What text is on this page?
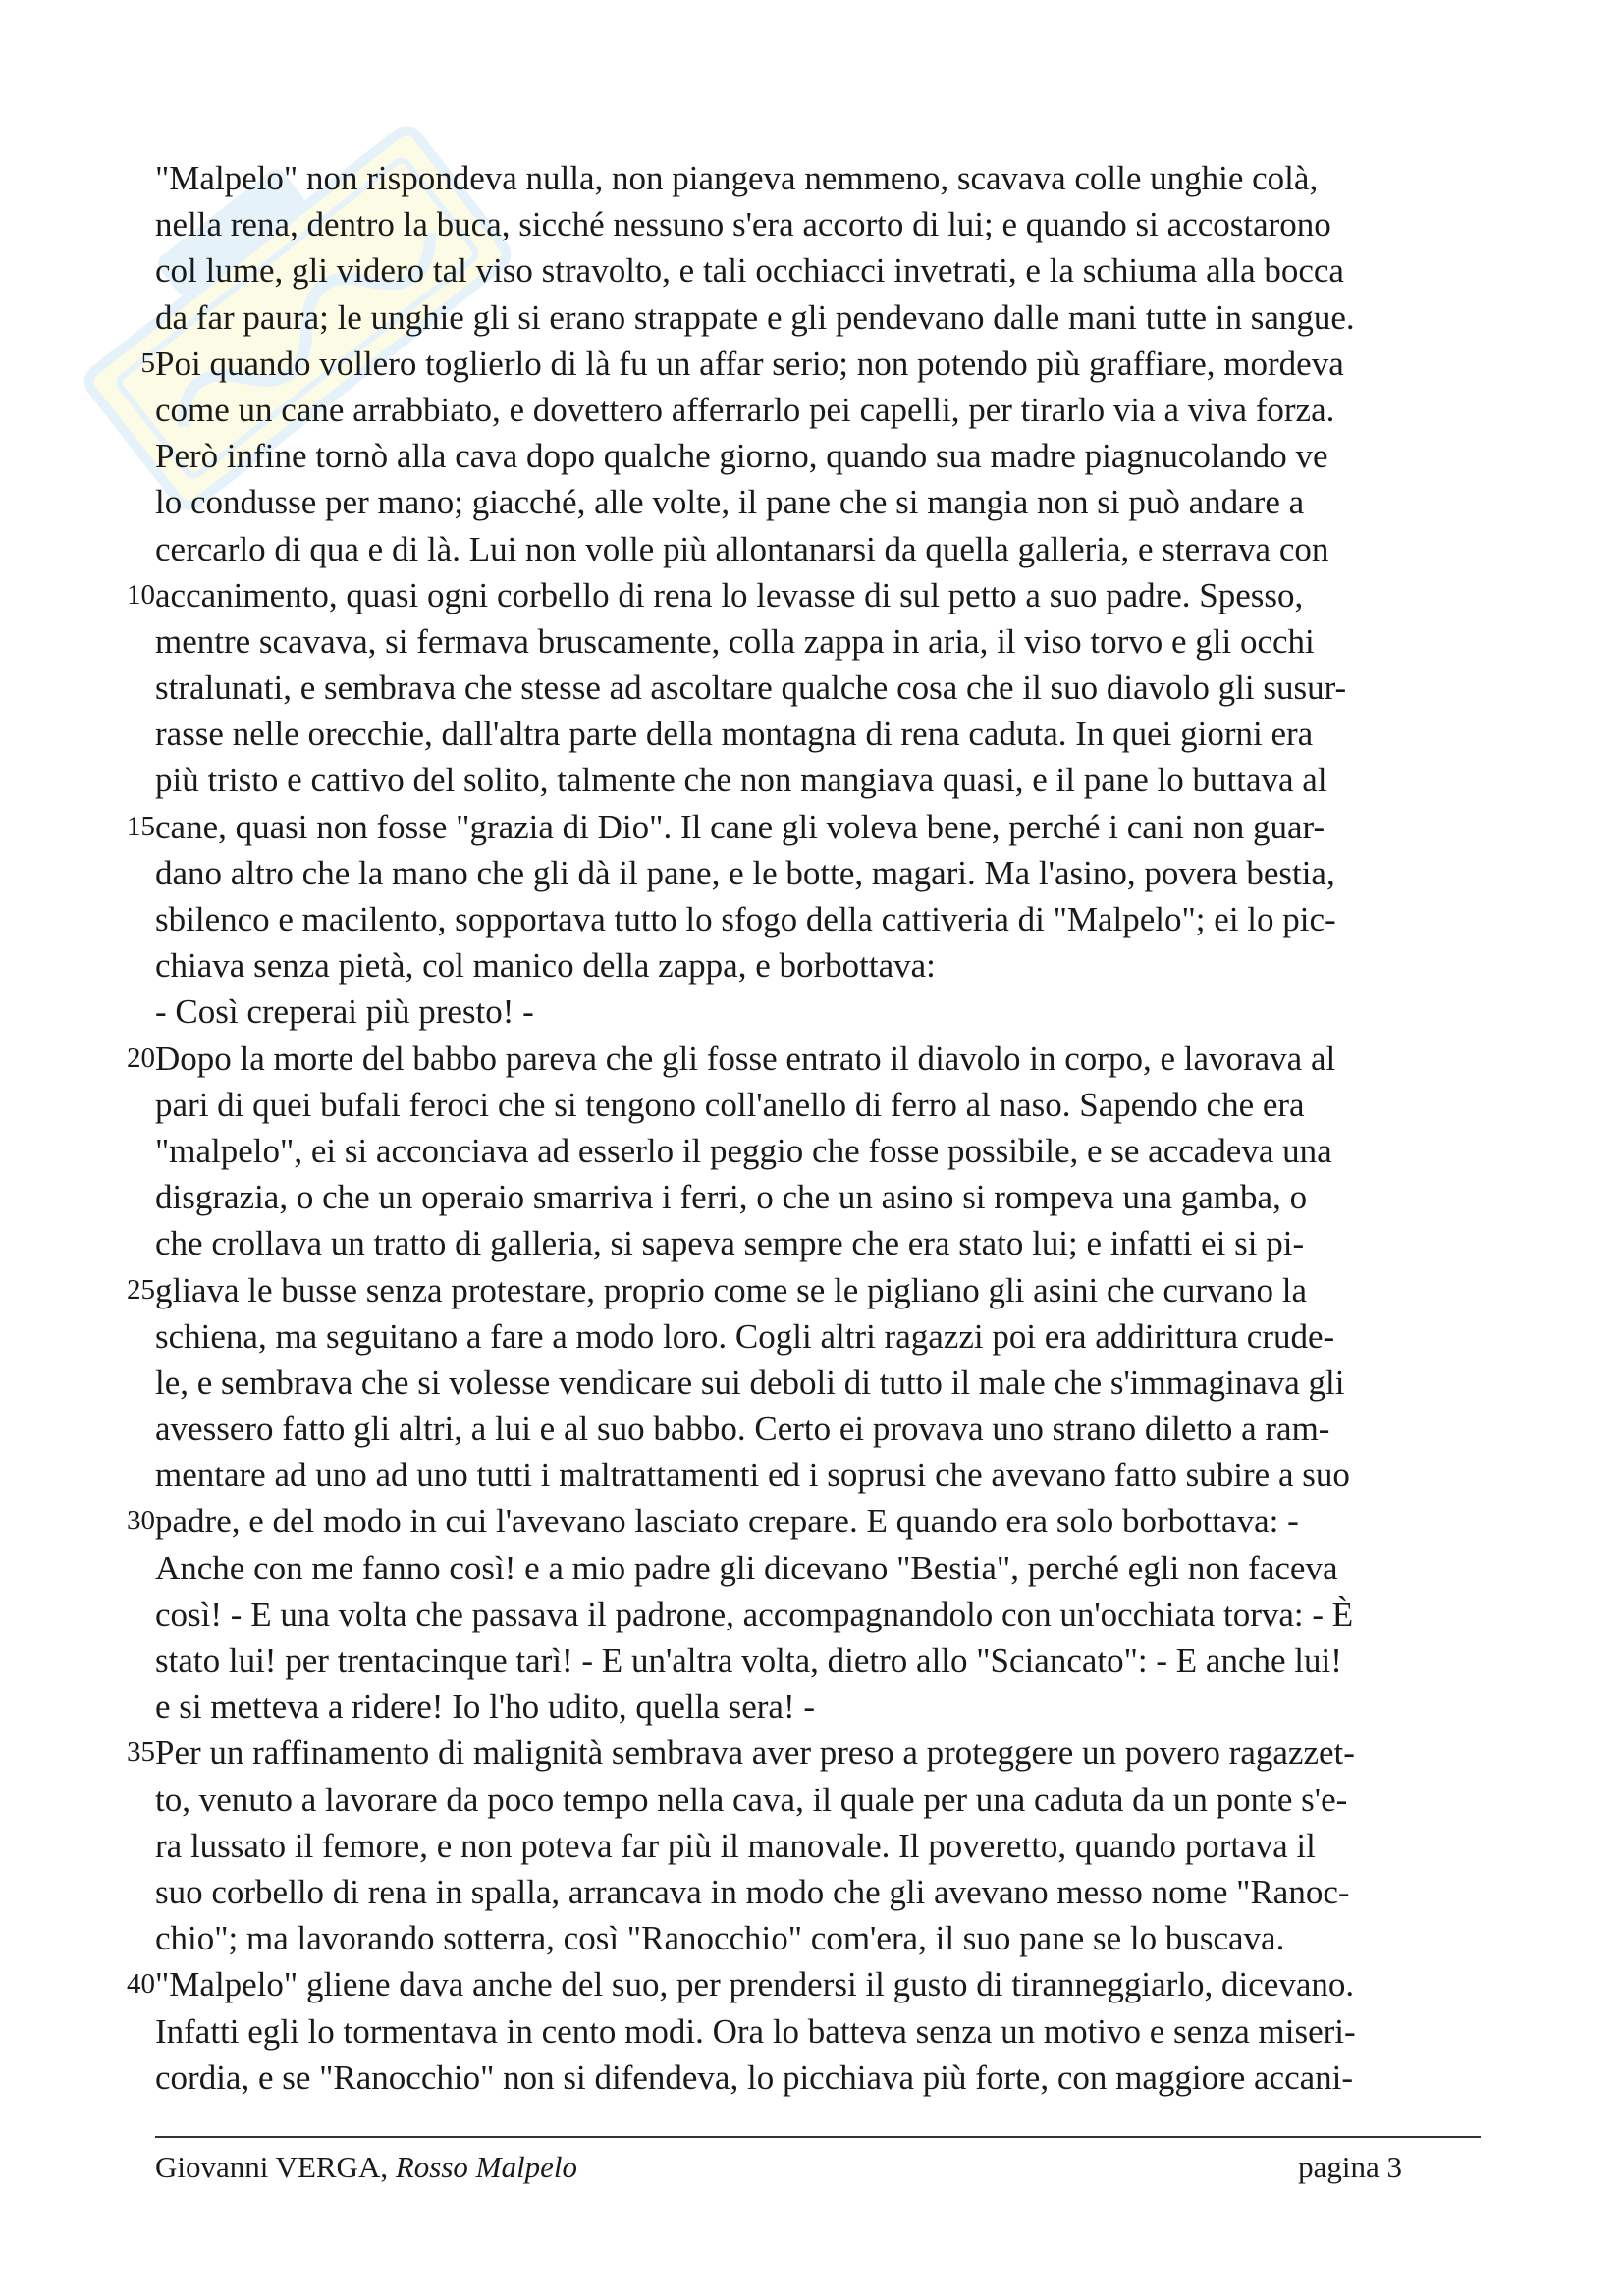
"Malpelo" non rispondeva nulla, non piangeva nemmeno, scavava colle unghie colà,
nella rena, dentro la buca, sicché nessuno s'era accorto di lui; e quando si accostarono
col lume, gli videro tal viso stravolto, e tali occhiacci invetrati, e la schiuma alla bocca
da far paura; le unghie gli si erano strappate e gli pendevano dalle mani tutte in sangue.
5 Poi quando vollero toglierlo di là fu un affar serio; non potendo più graffiare, mordeva
come un cane arrabbiato, e dovettero afferrarlo pei capelli, per tirarlo via a viva forza.
Però infine tornò alla cava dopo qualche giorno, quando sua madre piagnucolando ve
lo condusse per mano; giacché, alle volte, il pane che si mangia non si può andare a
cercarlo di qua e di là. Lui non volle più allontanarsi da quella galleria, e sterrava con
10 accanimento, quasi ogni corbello di rena lo levasse di sul petto a suo padre. Spesso,
mentre scavava, si fermava bruscamente, colla zappa in aria, il viso torvo e gli occhi
stralunati, e sembrava che stesse ad ascoltare qualche cosa che il suo diavolo gli susur-
rasse nelle orecchie, dall'altra parte della montagna di rena caduta. In quei giorni era
più tristo e cattivo del solito, talmente che non mangiava quasi, e il pane lo buttava al
15 cane, quasi non fosse "grazia di Dio". Il cane gli voleva bene, perché i cani non guar-
dano altro che la mano che gli dà il pane, e le botte, magari. Ma l'asino, povera bestia,
sbilenco e macilento, sopportava tutto lo sfogo della cattiveria di "Malpelo"; ei lo pic-
chiava senza pietà, col manico della zappa, e borbottava:
- Così creperai più presto! -
20 Dopo la morte del babbo pareva che gli fosse entrato il diavolo in corpo, e lavorava al
pari di quei bufali feroci che si tengono coll'anello di ferro al naso. Sapendo che era
"malpelo", ei si acconciava ad esserlo il peggio che fosse possibile, e se accadeva una
disgrazia, o che un operaio smarriva i ferri, o che un asino si rompeva una gamba, o
che crollava un tratto di galleria, si sapeva sempre che era stato lui; e infatti ei si pi-
25 gliava le busse senza protestare, proprio come se le pigliano gli asini che curvano la
schiena, ma seguitano a fare a modo loro. Cogli altri ragazzi poi era addirittura crude-
le, e sembrava che si volesse vendicare sui deboli di tutto il male che s'immaginava gli
avessero fatto gli altri, a lui e al suo babbo. Certo ei provava uno strano diletto a ram-
mentare ad uno ad uno tutti i maltrattamenti ed i soprusi che avevano fatto subire a suo
30 padre, e del modo in cui l'avevano lasciato crepare. E quando era solo borbottava: -
Anche con me fanno così! e a mio padre gli dicevano "Bestia", perché egli non faceva
così! - E una volta che passava il padrone, accompagnandolo con un'occhiata torva: - È
stato lui! per trentacinque tarì! - E un'altra volta, dietro allo "Sciancato": - E anche lui!
e si metteva a ridere! Io l'ho udito, quella sera! -
35 Per un raffinamento di malignità sembrava aver preso a proteggere un povero ragazzet-
to, venuto a lavorare da poco tempo nella cava, il quale per una caduta da un ponte s'e-
ra lussato il femore, e non poteva far più il manovale. Il poveretto, quando portava il
suo corbello di rena in spalla, arrancava in modo che gli avevano messo nome "Ranoc-
chio"; ma lavorando sotterra, così "Ranocchio" com'era, il suo pane se lo buscava.
40 "Malpelo" gliene dava anche del suo, per prendersi il gusto di tiranneggiarlo, dicevano.
Infatti egli lo tormentava in cento modi. Ora lo batteva senza un motivo e senza miseri-
cordia, e se "Ranocchio" non si difendeva, lo picchiava più forte, con maggiore accani-
Giovanni VERGA, Rosso Malpelo	pagina 3
